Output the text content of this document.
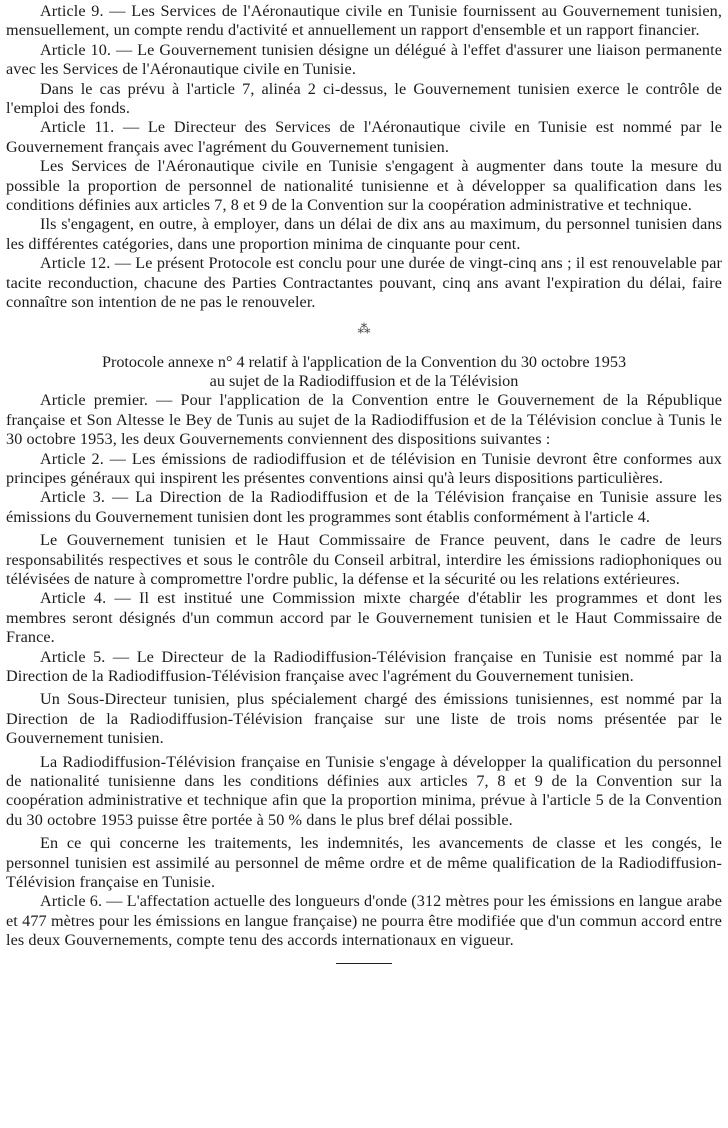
Article 9. — Les Services de l'Aéronautique civile en Tunisie fournissent au Gouvernement tunisien, mensuellement, un compte rendu d'activité et annuellement un rapport d'ensemble et un rapport financier.

Article 10. — Le Gouvernement tunisien désigne un délégué à l'effet d'assurer une liaison permanente avec les Services de l'Aéronautique civile en Tunisie.

Dans le cas prévu à l'article 7, alinéa 2 ci-dessus, le Gouvernement tunisien exerce le contrôle de l'emploi des fonds.

Article 11. — Le Directeur des Services de l'Aéronautique civile en Tunisie est nommé par le Gouvernement français avec l'agrément du Gouvernement tunisien.

Les Services de l'Aéronautique civile en Tunisie s'engagent à augmenter dans toute la mesure du possible la proportion de personnel de nationalité tunisienne et à développer sa qualification dans les conditions définies aux articles 7, 8 et 9 de la Convention sur la coopération administrative et technique.

Ils s'engagent, en outre, à employer, dans un délai de dix ans au maximum, du personnel tunisien dans les différentes catégories, dans une proportion minima de cinquante pour cent.

Article 12. — Le présent Protocole est conclu pour une durée de vingt-cinq ans ; il est renouvelable par tacite reconduction, chacune des Parties Contractantes pouvant, cinq ans avant l'expiration du délai, faire connaître son intention de ne pas le renouveler.

⁂

Protocole annexe n° 4 relatif à l'application de la Convention du 30 octobre 1953

au sujet de la Radiodiffusion et de la Télévision

Article premier. — Pour l'application de la Convention entre le Gouvernement de la République française et Son Altesse le Bey de Tunis au sujet de la Radiodiffusion et de la Télévision conclue à Tunis le 30 octobre 1953, les deux Gouvernements conviennent des dispositions suivantes :

Article 2. — Les émissions de radiodiffusion et de télévision en Tunisie devront être conformes aux principes généraux qui inspirent les présentes conventions ainsi qu'à leurs dispositions particulières.

Article 3. — La Direction de la Radiodiffusion et de la Télévision française en Tunisie assure les émissions du Gouvernement tunisien dont les programmes sont établis conformément à l'article 4.

Le Gouvernement tunisien et le Haut Commissaire de France peuvent, dans le cadre de leurs responsabilités respectives et sous le contrôle du Conseil arbitral, interdire les émissions radiophoniques ou télévisées de nature à compromettre l'ordre public, la défense et la sécurité ou les relations extérieures.

Article 4. — Il est institué une Commission mixte chargée d'établir les programmes et dont les membres seront désignés d'un commun accord par le Gouvernement tunisien et le Haut Commissaire de France.

Article 5. — Le Directeur de la Radiodiffusion-Télévision française en Tunisie est nommé par la Direction de la Radiodiffusion-Télévision française avec l'agrément du Gouvernement tunisien.

Un Sous-Directeur tunisien, plus spécialement chargé des émissions tunisiennes, est nommé par la Direction de la Radiodiffusion-Télévision française sur une liste de trois noms présentée par le Gouvernement tunisien.

La Radiodiffusion-Télévision française en Tunisie s'engage à développer la qualification du personnel de nationalité tunisienne dans les conditions définies aux articles 7, 8 et 9 de la Convention sur la coopération administrative et technique afin que la proportion minima, prévue à l'article 5 de la Convention du 30 octobre 1953 puisse être portée à 50 % dans le plus bref délai possible.

En ce qui concerne les traitements, les indemnités, les avancements de classe et les congés, le personnel tunisien est assimilé au personnel de même ordre et de même qualification de la Radiodiffusion-Télévision française en Tunisie.

Article 6. — L'affectation actuelle des longueurs d'onde (312 mètres pour les émissions en langue arabe et 477 mètres pour les émissions en langue française) ne pourra être modifiée que d'un commun accord entre les deux Gouvernements, compte tenu des accords internationaux en vigueur.
